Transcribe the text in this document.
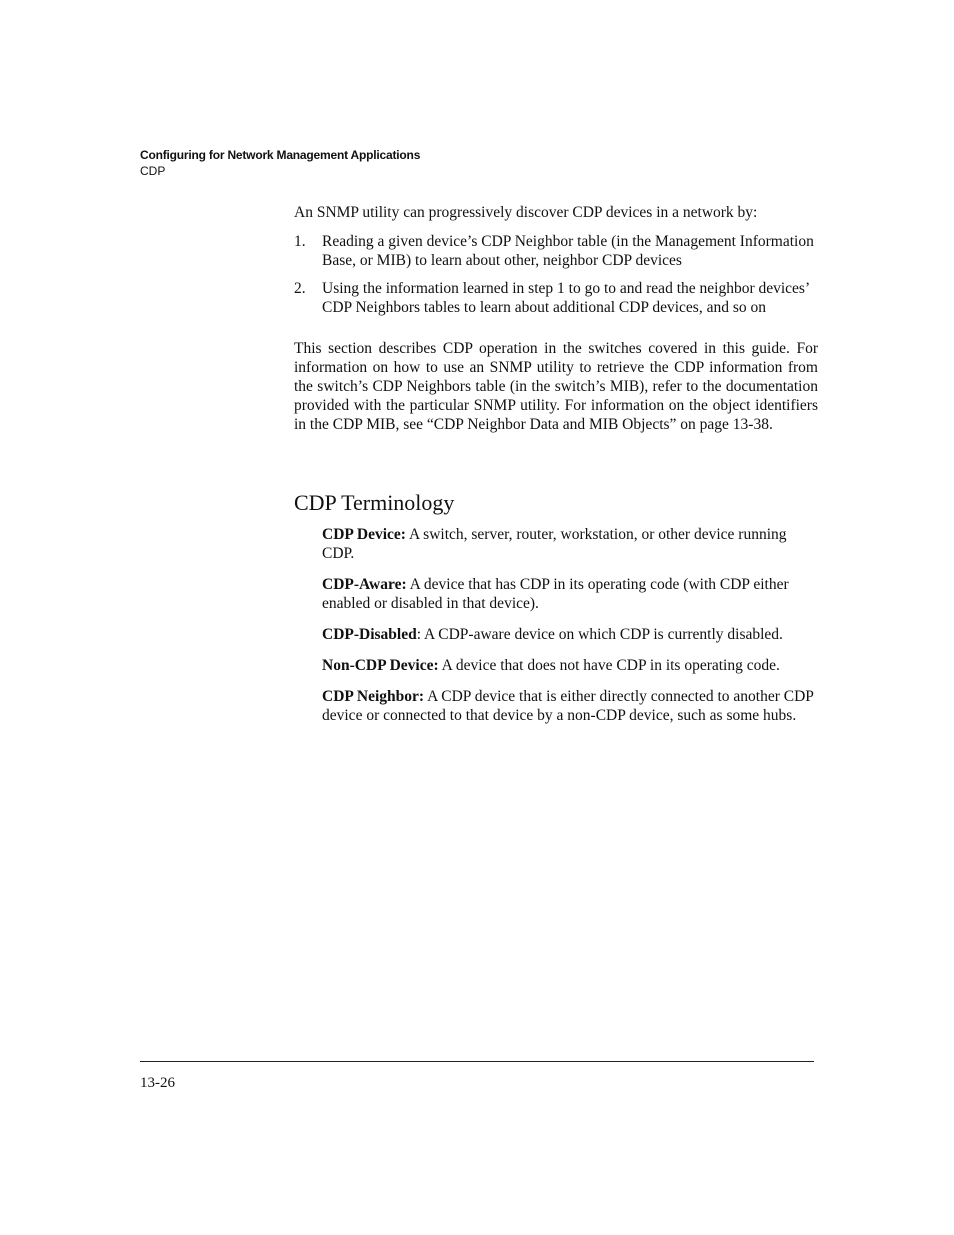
Configuring for Network Management Applications
CDP

An SNMP utility can progressively discover CDP devices in a network by:

1. Reading a given device’s CDP Neighbor table (in the Management Information Base, or MIB) to learn about other, neighbor CDP devices
2. Using the information learned in step 1 to go to and read the neighbor devices’ CDP Neighbors tables to learn about additional CDP devices, and so on

This section describes CDP operation in the switches covered in this guide. For information on how to use an SNMP utility to retrieve the CDP information from the switch’s CDP Neighbors table (in the switch’s MIB), refer to the documentation provided with the particular SNMP utility. For information on the object identifiers in the CDP MIB, see “CDP Neighbor Data and MIB Objects” on page 13-38.

CDP Terminology

CDP Device: A switch, server, router, workstation, or other device running CDP.

CDP-Aware: A device that has CDP in its operating code (with CDP either enabled or disabled in that device).

CDP-Disabled: A CDP-aware device on which CDP is currently disabled.

Non-CDP Device: A device that does not have CDP in its operating code.

CDP Neighbor: A CDP device that is either directly connected to another CDP device or connected to that device by a non-CDP device, such as some hubs.

13-26
